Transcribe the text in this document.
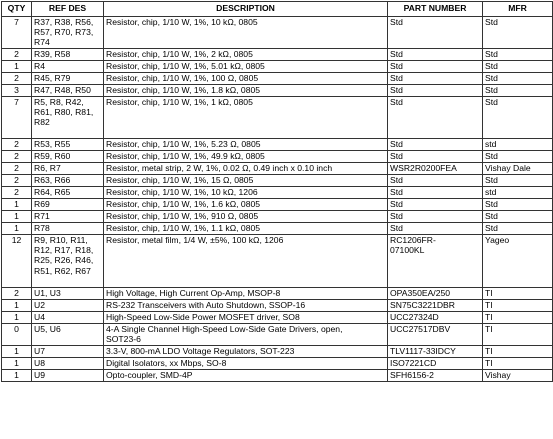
QTY	REF DES	DESCRIPTION	PART NUMBER	MFR
7	R37, R38, R56,
R57, R70, R73,
R74	Resistor, chip, 1/10 W, 1%, 10 kΩ, 0805	Std	Std
2	R39, R58	Resistor, chip, 1/10 W, 1%, 2 kΩ, 0805	Std	Std
1	R4	Resistor, chip, 1/10 W, 1%, 5.01 kΩ, 0805	Std	Std
2	R45, R79	Resistor, chip, 1/10 W, 1%, 100 Ω, 0805	Std	Std
3	R47, R48, R50	Resistor, chip, 1/10 W, 1%, 1.8 kΩ, 0805	Std	Std
7	R5, R8, R42,
R61, R80, R81,
R82	Resistor, chip, 1/10 W, 1%, 1 kΩ, 0805	Std	Std
2	R53, R55	Resistor, chip, 1/10 W, 1%, 5.23 Ω, 0805	Std	std
2	R59, R60	Resistor, chip, 1/10 W, 1%, 49.9 kΩ, 0805	Std	Std
2	R6, R7	Resistor, metal strip, 2 W, 1%, 0.02 Ω, 0.49 inch x 0.10 inch	WSR2R0200FEA	Vishay Dale
2	R63, R66	Resistor, chip, 1/10 W, 1%, 15 Ω, 0805	Std	Std
2	R64, R65	Resistor, chip, 1/10 W, 1%, 10 kΩ, 1206	Std	std
1	R69	Resistor, chip, 1/10 W, 1%, 1.6 kΩ, 0805	Std	Std
1	R71	Resistor, chip, 1/10 W, 1%, 910 Ω, 0805	Std	Std
1	R78	Resistor, chip, 1/10 W, 1%, 1.1 kΩ, 0805	Std	Std
12	R9, R10, R11,
R12, R17, R18,
R25, R26, R46,
R51, R62, R67	Resistor, metal film, 1/4 W, ±5%, 100 kΩ, 1206	RC1206FR-
07100KL	Yageo
2	U1, U3	High Voltage, High Current Op-Amp, MSOP-8	OPA350EA/250	TI
1	U2	RS-232 Transceivers with Auto Shutdown, SSOP-16	SN75C3221DBR	TI
1	U4	High-Speed Low-Side Power MOSFET driver, SO8	UCC27324D	TI
0	U5, U6	4-A Single Channel High-Speed Low-Side Gate Drivers, open,
SOT23-6	UCC27517DBV	TI
1	U7	3.3-V, 800-mA LDO Voltage Regulators, SOT-223	TLV1117-33IDCY	TI
1	U8	Digital Isolators, xx Mbps, SO-8	ISO7221CD	TI
1	U9	Opto-coupler, SMD-4P	SFH6156-2	Vishay
